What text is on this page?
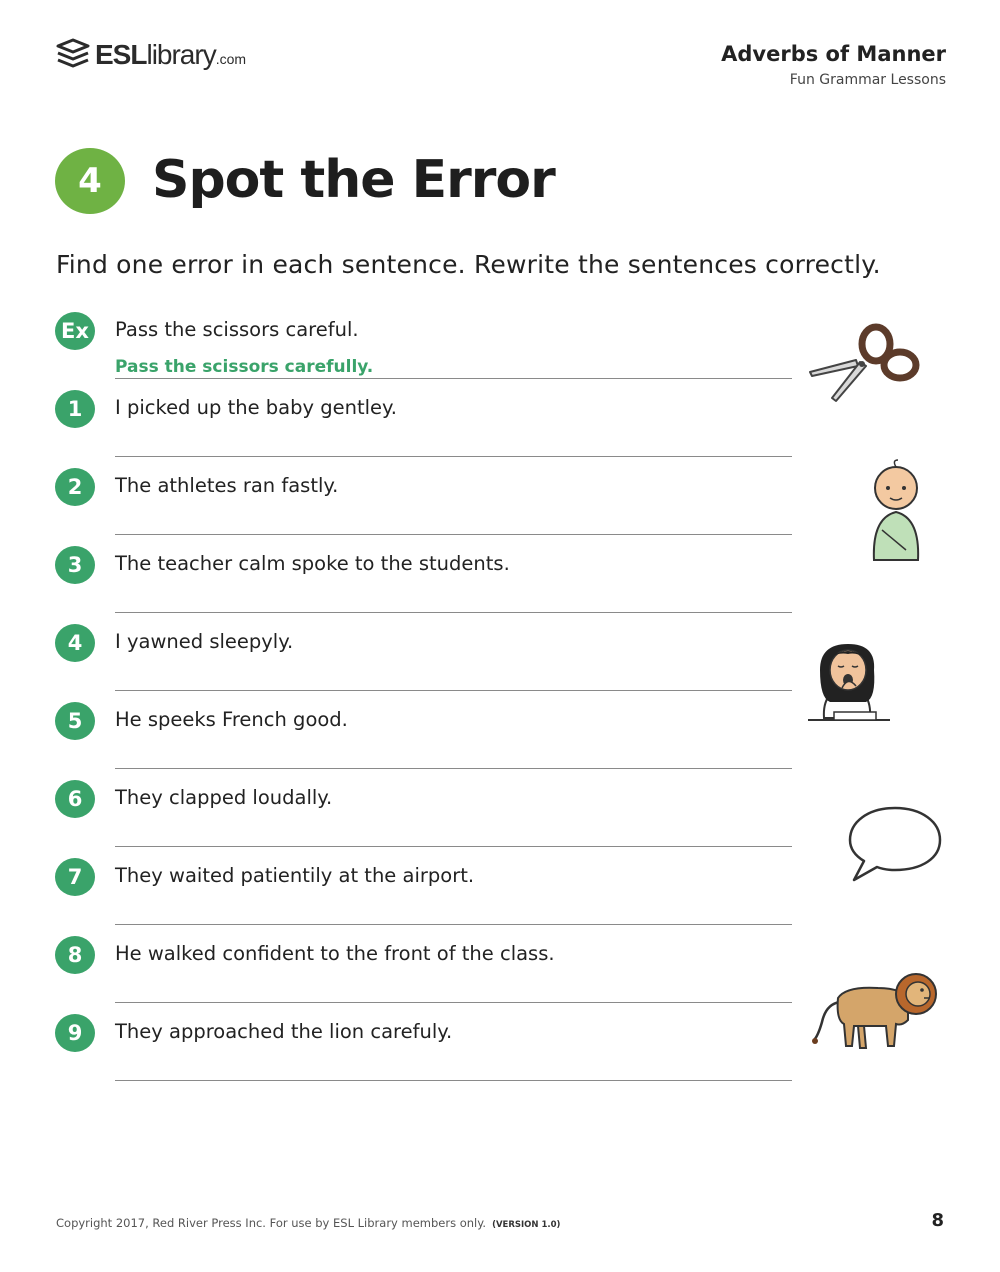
ESLlibrary.com	Adverbs of Manner
Fun Grammar Lessons
4 Spot the Error
Find one error in each sentence. Rewrite the sentences correctly.
Ex	Pass the scissors careful.
Pass the scissors carefully.
1	I picked up the baby gentley.
2	The athletes ran fastly.
3	The teacher calm spoke to the students.
4	I yawned sleepyly.
5	He speeks French good.
6	They clapped loudally.
7	They waited patientily at the airport.
8	He walked confident to the front of the class.
9	They approached the lion carefuly.
Copyright 2017, Red River Press Inc. For use by ESL Library members only. (VERSION 1.0)	8
